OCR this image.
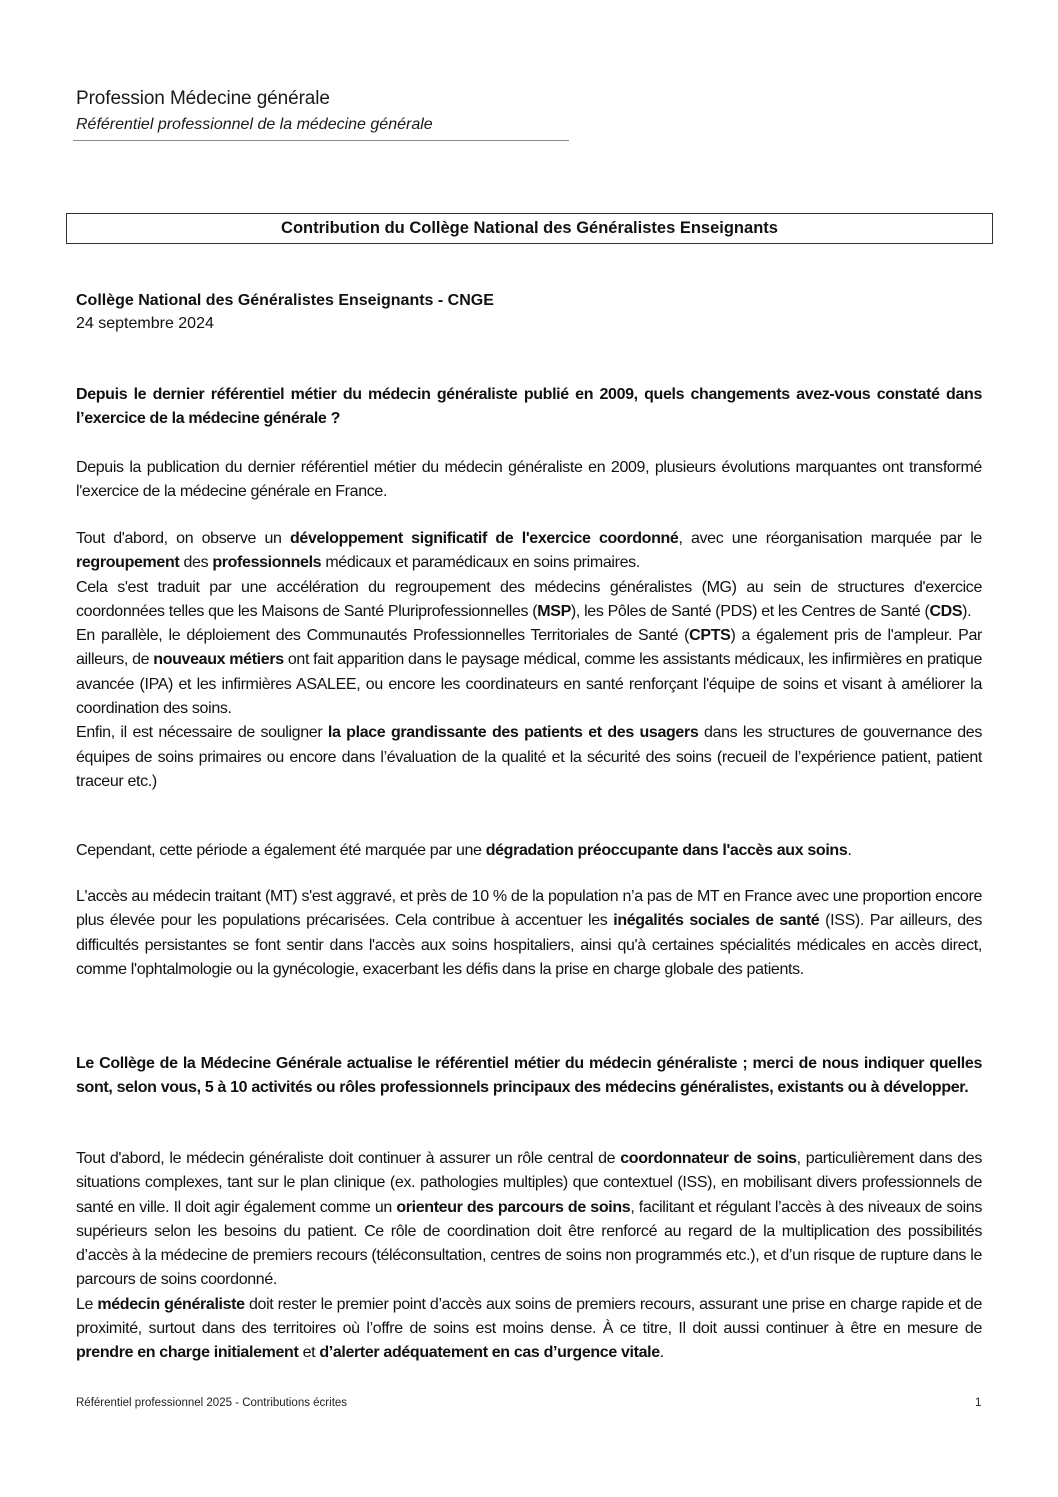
Profession Médecine générale
Référentiel professionnel de la médecine générale
Contribution du Collège National des Généralistes Enseignants
Collège National des Généralistes Enseignants - CNGE
24 septembre 2024
Depuis le dernier référentiel métier du médecin généraliste publié en 2009, quels changements avez-vous constaté dans l’exercice de la médecine générale ?
Depuis la publication du dernier référentiel métier du médecin généraliste en 2009, plusieurs évolutions marquantes ont transformé l'exercice de la médecine générale en France.

Tout d'abord, on observe un développement significatif de l'exercice coordonné, avec une réorganisation marquée par le regroupement des professionnels médicaux et paramédicaux en soins primaires.

Cela s'est traduit par une accélération du regroupement des médecins généralistes (MG) au sein de structures d'exercice coordonnées telles que les Maisons de Santé Pluriprofessionnelles (MSP), les Pôles de Santé (PDS) et les Centres de Santé (CDS).

En parallèle, le déploiement des Communautés Professionnelles Territoriales de Santé (CPTS) a également pris de l'ampleur. Par ailleurs, de nouveaux métiers ont fait apparition dans le paysage médical, comme les assistants médicaux, les infirmières en pratique avancée (IPA) et les infirmières ASALEE, ou encore les coordinateurs en santé renforçant l'équipe de soins et visant à améliorer la coordination des soins.

Enfin, il est nécessaire de souligner la place grandissante des patients et des usagers dans les structures de gouvernance des équipes de soins primaires ou encore dans l’évaluation de la qualité et la sécurité des soins (recueil de l’expérience patient, patient traceur etc.)

Cependant, cette période a également été marquée par une dégradation préoccupante dans l'accès aux soins.
L'accès au médecin traitant (MT) s'est aggravé, et près de 10 % de la population n’a pas de MT en France avec une proportion encore plus élevée pour les populations précarisées. Cela contribue à accentuer les inégalités sociales de santé (ISS). Par ailleurs, des difficultés persistantes se font sentir dans l'accès aux soins hospitaliers, ainsi qu'à certaines spécialités médicales en accès direct, comme l'ophtalmologie ou la gynécologie, exacerbant les défis dans la prise en charge globale des patients.
Le Collège de la Médecine Générale actualise le référentiel métier du médecin généraliste ; merci de nous indiquer quelles sont, selon vous, 5 à 10 activités ou rôles professionnels principaux des médecins généralistes, existants ou à développer.

Tout d'abord, le médecin généraliste doit continuer à assurer un rôle central de coordonnateur de soins, particulièrement dans des situations complexes, tant sur le plan clinique (ex. pathologies multiples) que contextuel (ISS), en mobilisant divers professionnels de santé en ville. Il doit agir également comme un orienteur des parcours de soins, facilitant et régulant l’accès à des niveaux de soins supérieurs selon les besoins du patient. Ce rôle de coordination doit être renforcé au regard de la multiplication des possibilités d’accès à la médecine de premiers recours (téléconsultation, centres de soins non programmés etc.), et d’un risque de rupture dans le parcours de soins coordonné.

Le médecin généraliste doit rester le premier point d’accès aux soins de premiers recours, assurant une prise en charge rapide et de proximité, surtout dans des territoires où l’offre de soins est moins dense. À ce titre, Il doit aussi continuer à être en mesure de prendre en charge initialement et d’alerter adéquatement en cas d’urgence vitale.

Référentiel professionnel 2025 - Contributions écrites	1
